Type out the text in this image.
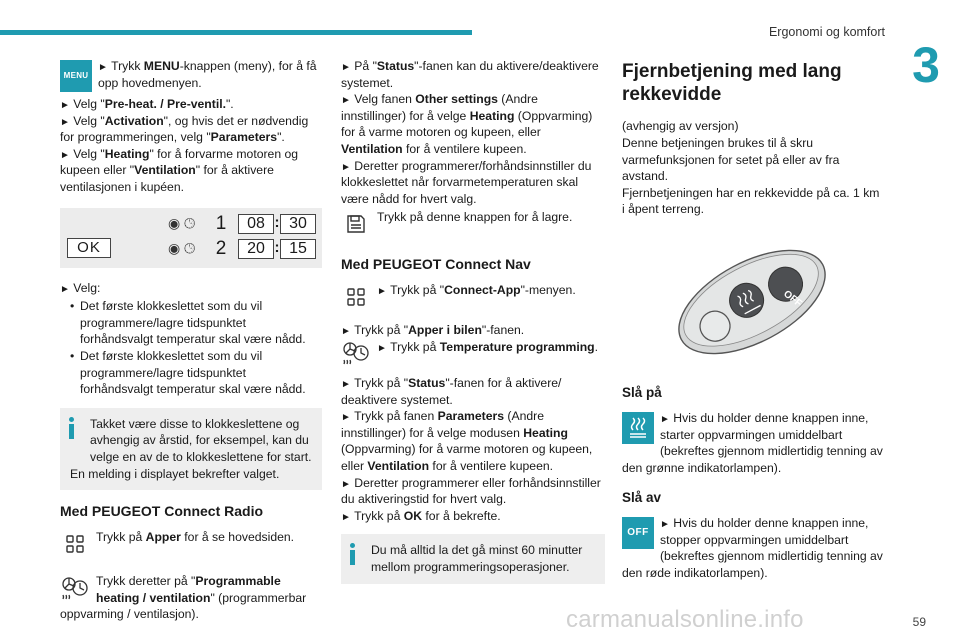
Ergonomi og komfort
3
MENU

► Trykk MENU-knappen (meny), for å få opp hovedmenyen.

► Velg "Pre-heat. / Pre-ventil.".

► Velg "Activation", og hvis det er nødvendig for programmeringen, velg "Parameters".

► Velg "Heating" for å forvarme motoren og kupeen eller "Ventilation" for å aktivere ventilasjonen i kupéen.

◉ 🕒︎	1	08 : 30
OK	◉ 🕒︎	2	20 : 15

► Velg:

• Det første klokkeslettet som du vil programmere/lagre tidspunktet forhåndsvalgt temperatur skal være nådd.
• Det første klokkeslettet som du vil programmere/lagre tidspunktet forhåndsvalgt temperatur skal være nådd.

Takket være disse to klokkeslettene og avhengig av årstid, for eksempel, kan du velge en av de to klokkeslettene for start.

En melding i displayet bekrefter valget.

Med PEUGEOT Connect Radio

Trykk på Apper for å se hovedsiden.

Trykk deretter på "Programmable heating / ventilation" (programmerbar oppvarming / ventilasjon).

► På "Status"-fanen kan du aktivere/deaktivere systemet.

► Velg fanen Other settings (Andre innstillinger) for å velge Heating (Oppvarming) for å varme motoren og kupeen, eller Ventilation for å ventilere kupeen.

► Deretter programmerer/forhåndsinnstiller du klokkeslettet når forvarmetemperaturen skal være nådd for hvert valg.

Trykk på denne knappen for å lagre.

Med PEUGEOT Connect Nav

► Trykk på "Connect-App"-menyen.

► Trykk på "Apper i bilen"-fanen.

► Trykk på Temperature programming.

► Trykk på "Status"-fanen for å aktivere/ deaktivere systemet.

► Trykk på fanen Parameters (Andre innstillinger) for å velge modusen Heating (Oppvarming) for å varme motoren og kupeen, eller Ventilation for å ventilere kupeen.

► Deretter programmerer eller forhåndsinnstiller du aktiveringstid for hvert valg.

► Trykk på OK for å bekrefte.

Du må alltid la det gå minst 60 minutter mellom programmeringsoperasjoner.

Fjernbetjening med lang rekkevidde

(avhengig av versjon)

Denne betjeningen brukes til å skru varmefunksjonen for setet på eller av fra avstand.

Fjernbetjeningen har en rekkevidde på ca. 1 km i åpent terreng.

OFF
Slå på

► Hvis du holder denne knappen inne, starter oppvarmingen umiddelbart (bekreftes gjennom midlertidig tenning av den grønne indikatorlampen).

Slå av
OFF

► Hvis du holder denne knappen inne, stopper oppvarmingen umiddelbart (bekreftes gjennom midlertidig tenning av den røde indikatorlampen).

carmanualsonline.info	59
